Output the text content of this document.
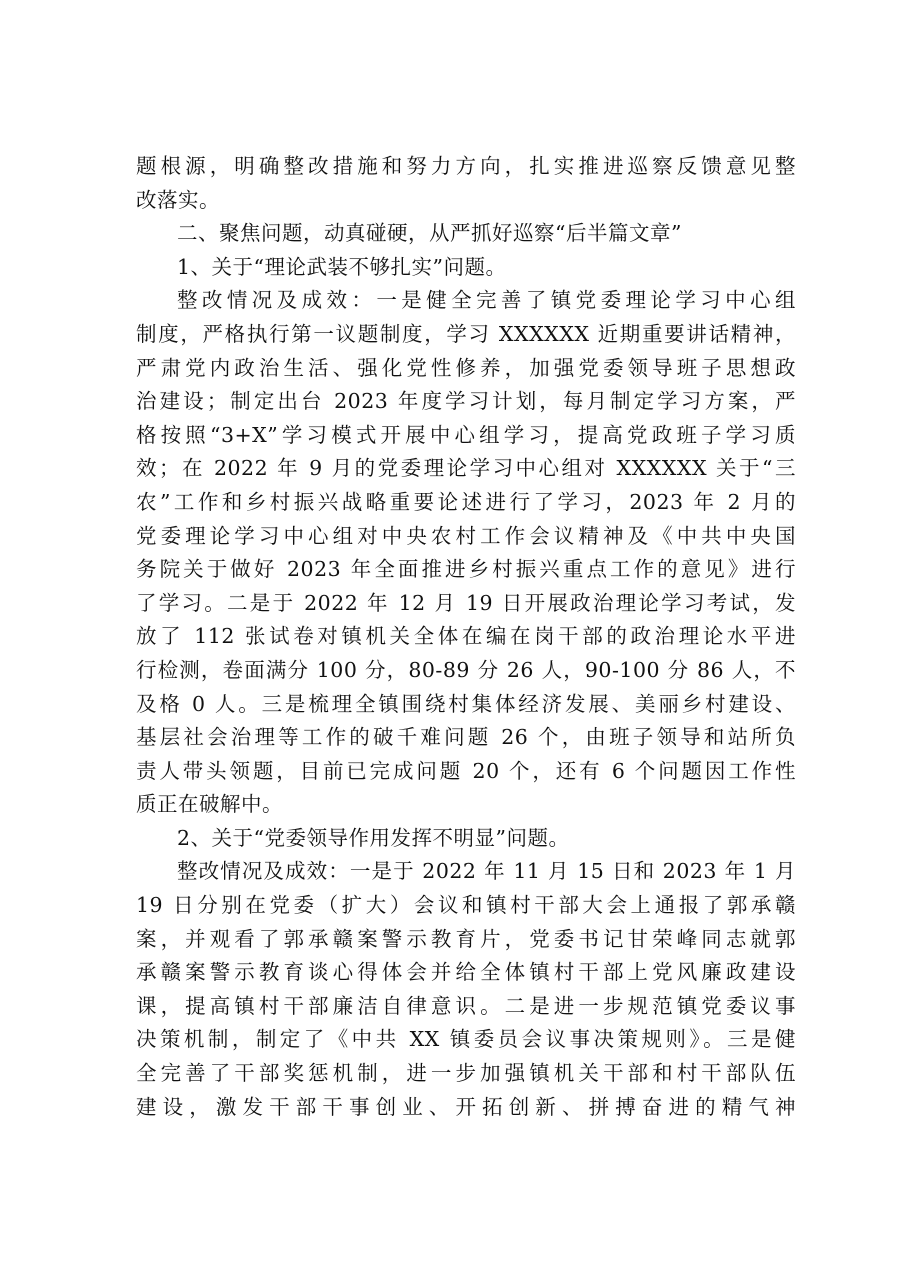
题根源，明确整改措施和努力方向，扎实推进巡察反馈意见整
改落实。
二、聚焦问题，动真碰硬，从严抓好巡察“后半篇文章”
1、关于“理论武装不够扎实”问题。
整改情况及成效：一是健全完善了镇党委理论学习中心组
制度，严格执行第一议题制度，学习 XXXXXX 近期重要讲话精神，
严肃党内政治生活、强化党性修养，加强党委领导班子思想政
治建设；制定出台 2023 年度学习计划，每月制定学习方案，严
格按照“3+X”学习模式开展中心组学习，提高党政班子学习质
效；在 2022 年 9 月的党委理论学习中心组对 XXXXXX 关于“三
农”工作和乡村振兴战略重要论述进行了学习，2023 年 2 月的
党委理论学习中心组对中央农村工作会议精神及《中共中央国
务院关于做好 2023 年全面推进乡村振兴重点工作的意见》进行
了学习。二是于 2022 年 12 月 19 日开展政治理论学习考试，发
放了 112 张试卷对镇机关全体在编在岗干部的政治理论水平进
行检测，卷面满分 100 分，80-89 分 26 人，90-100 分 86 人，不
及格 0 人。三是梳理全镇围绕村集体经济发展、美丽乡村建设、
基层社会治理等工作的破千难问题 26 个，由班子领导和站所负
责人带头领题，目前已完成问题 20 个，还有 6 个问题因工作性
质正在破解中。
2、关于“党委领导作用发挥不明显”问题。
整改情况及成效：一是于 2022 年 11 月 15 日和 2023 年 1 月
19 日分别在党委（扩大）会议和镇村干部大会上通报了郭承赣
案，并观看了郭承赣案警示教育片，党委书记甘荣峰同志就郭
承赣案警示教育谈心得体会并给全体镇村干部上党风廉政建设
课，提高镇村干部廉洁自律意识。二是进一步规范镇党委议事
决策机制，制定了《中共 XX 镇委员会议事决策规则》。三是健
全完善了干部奖惩机制，进一步加强镇机关干部和村干部队伍
建设，激发干部干事创业、开拓创新、拼搏奋进的精气神
